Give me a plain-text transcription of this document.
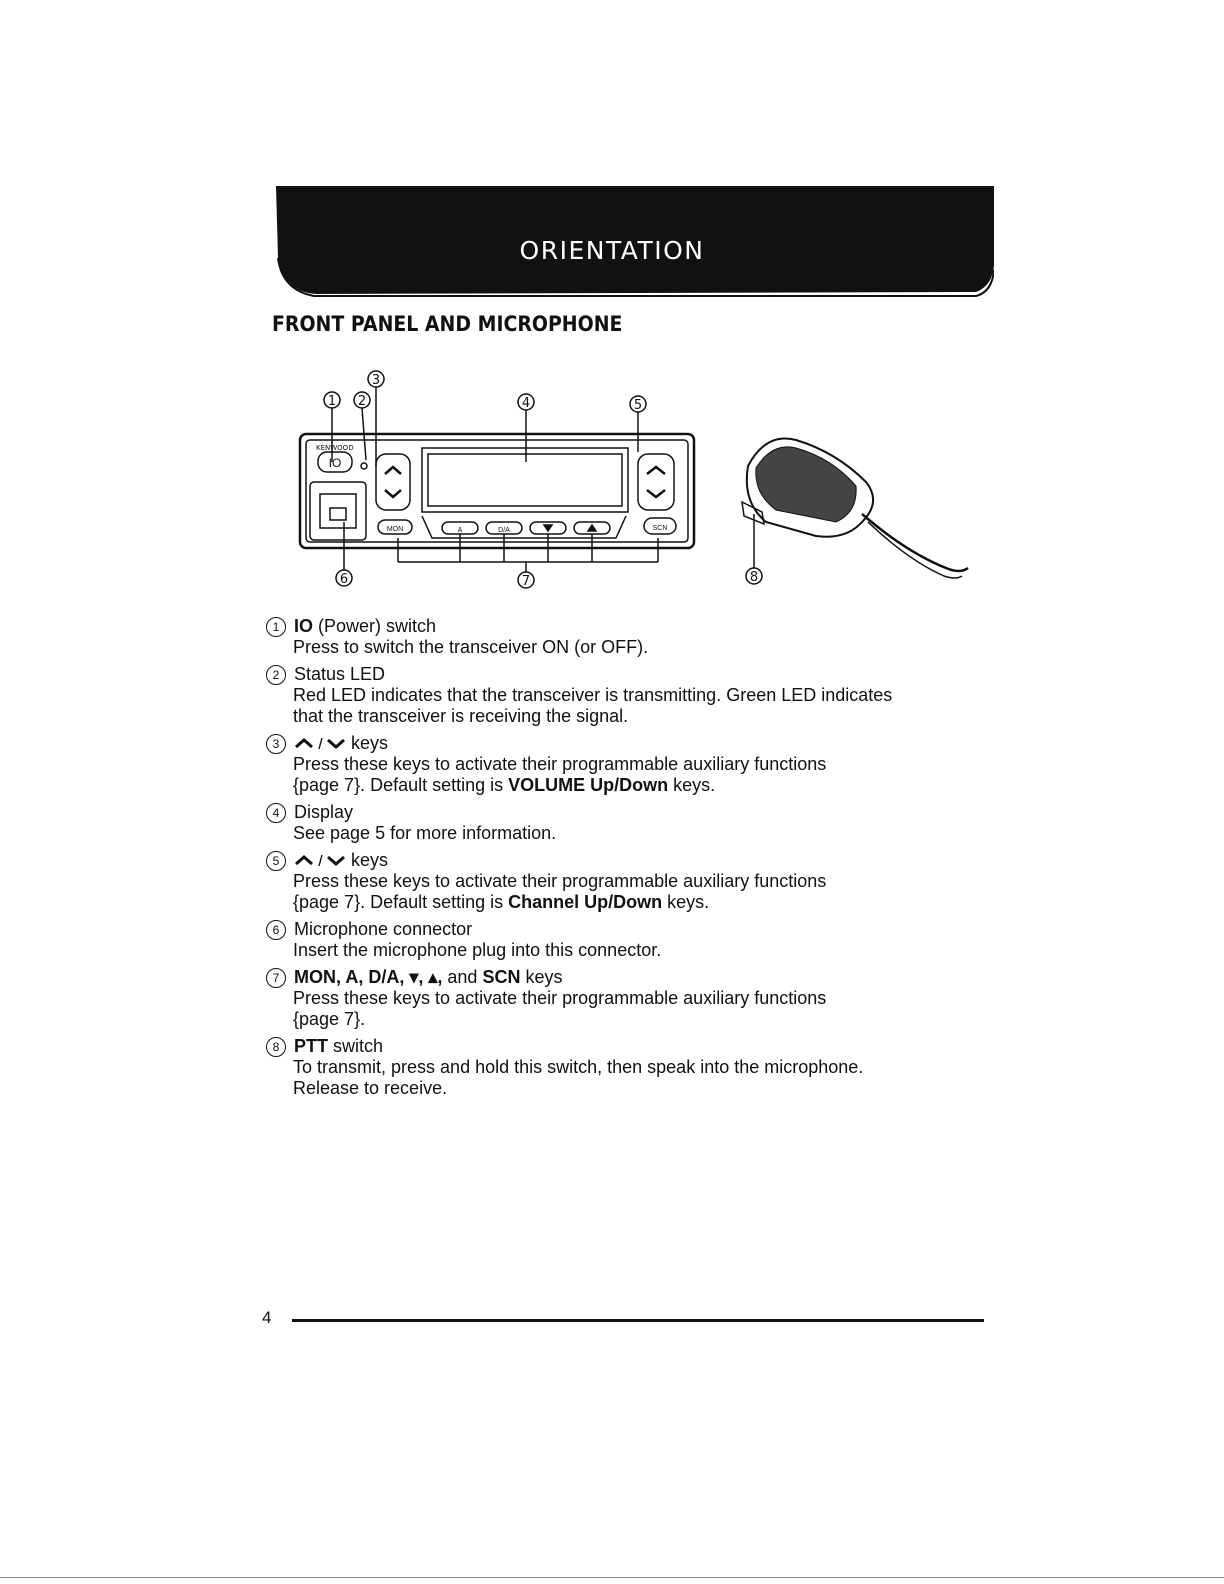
ORIENTATION
FRONT PANEL AND MICROPHONE
3
1 2	4	5
6	7	8
KENWOOD
IO
MON	A	D/A	SCN
1 IO (Power) switch

Press to switch the transceiver ON (or OFF).

2 Status LED

Red LED indicates that the transceiver is transmitting. Green LED indicates

that the transceiver is receiving the signal.

3	keys

Press these keys to activate their programmable auxiliary functions

{page 7}. Default setting is VOLUME Up/Down keys.

4 Display

See page 5 for more information.

5	keys

Press these keys to activate their programmable auxiliary functions

{page 7}. Default setting is Channel Up/Down keys.

6 Microphone connector

Insert the microphone plug into this connector.

7 MON, A, D/A, ▾, ▴, and SCN keys

Press these keys to activate their programmable auxiliary functions

{page 7}.

8 PTT switch

To transmit, press and hold this switch, then speak into the microphone.

Release to receive.

4
